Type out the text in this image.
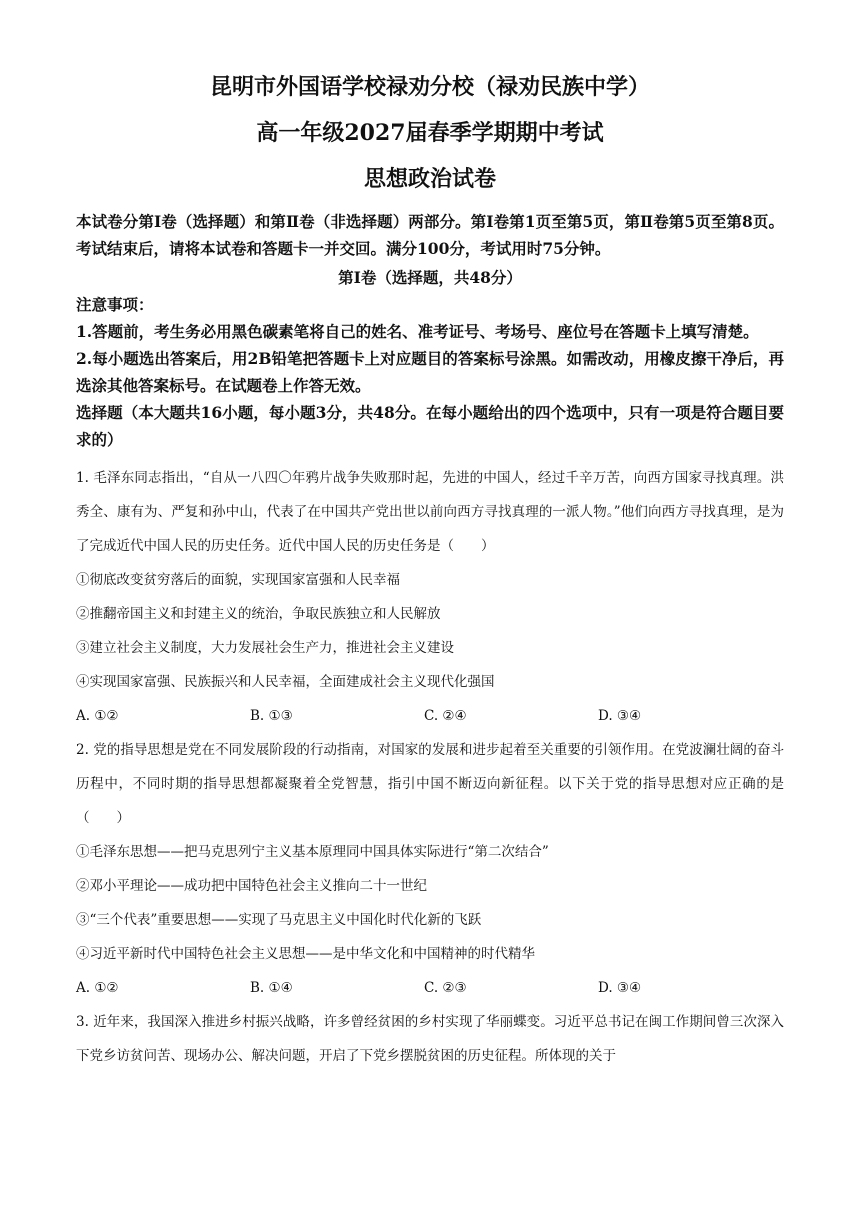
昆明市外国语学校禄劝分校（禄劝民族中学）
高一年级2027届春季学期期中考试
思想政治试卷
本试卷分第Ⅰ卷（选择题）和第Ⅱ卷（非选择题）两部分。第Ⅰ卷第1页至第5页，第Ⅱ卷第5页至第8页。考试结束后，请将本试卷和答题卡一并交回。满分100分，考试用时75分钟。
第Ⅰ卷（选择题，共48分）
注意事项：
1.答题前，考生务必用黑色碳素笔将自己的姓名、准考证号、考场号、座位号在答题卡上填写清楚。
2.每小题选出答案后，用2B铅笔把答题卡上对应题目的答案标号涂黑。如需改动，用橡皮擦干净后，再选涂其他答案标号。在试题卷上作答无效。
选择题（本大题共16小题，每小题3分，共48分。在每小题给出的四个选项中，只有一项是符合题目要求的）
1. 毛泽东同志指出，“自从一八四〇年鸦片战争失败那时起，先进的中国人，经过千辛万苦，向西方国家寻找真理。洪秀全、康有为、严复和孙中山，代表了在中国共产党出世以前向西方寻找真理的一派人物。”他们向西方寻找真理，是为了完成近代中国人民的历史任务。近代中国人民的历史任务是（　　）
①彻底改变贫穷落后的面貌，实现国家富强和人民幸福
②推翻帝国主义和封建主义的统治，争取民族独立和人民解放
③建立社会主义制度，大力发展社会生产力，推进社会主义建设
④实现国家富强、民族振兴和人民幸福，全面建成社会主义现代化强国
A. ①②	B. ①③	C. ②④	D. ③④
2. 党的指导思想是党在不同发展阶段的行动指南，对国家的发展和进步起着至关重要的引领作用。在党波澜壮阔的奋斗历程中，不同时期的指导思想都凝聚着全党智慧，指引中国不断迈向新征程。以下关于党的指导思想对应正确的是（　　）
①毛泽东思想——把马克思列宁主义基本原理同中国具体实际进行“第二次结合”
②邓小平理论——成功把中国特色社会主义推向二十一世纪
③“三个代表”重要思想——实现了马克思主义中国化时代化新的飞跃
④习近平新时代中国特色社会主义思想——是中华文化和中国精神的时代精华
A. ①②	B. ①④	C. ②③	D. ③④
3. 近年来，我国深入推进乡村振兴战略，许多曾经贫困的乡村实现了华丽蝶变。习近平总书记在闽工作期间曾三次深入下党乡访贫问苦、现场办公、解决问题，开启了下党乡摆脱贫困的历史征程。所体现的关于
